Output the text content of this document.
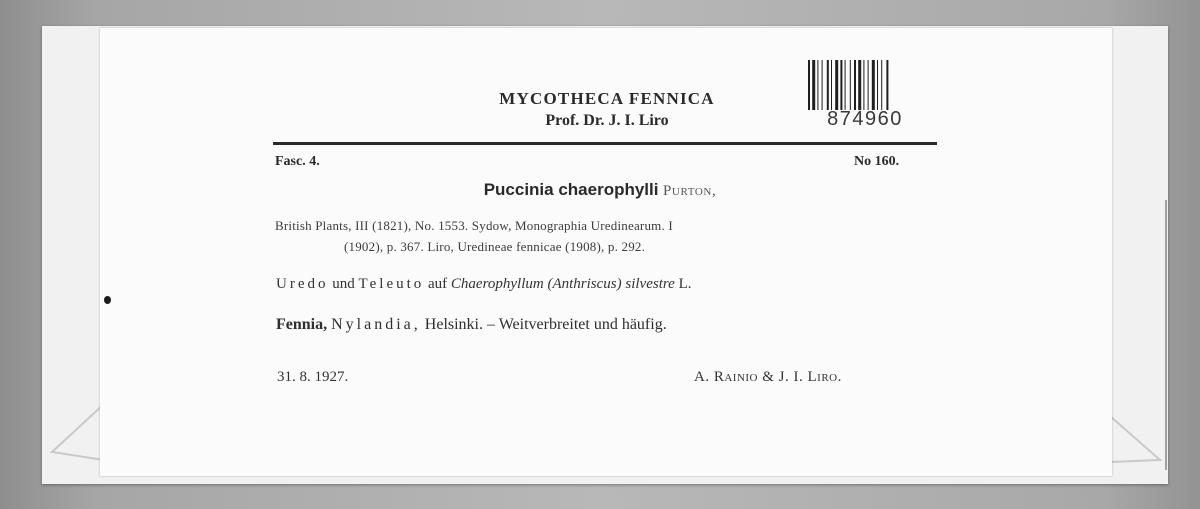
MYCOTHECA FENNICA
Prof. Dr. J. I. Liro	874960
Fasc. 4.	No 160.
Puccinia chaerophylli Purton,
British Plants, III (1821), No. 1553. Sydow, Monographia Uredinearum. I
(1902), p. 367. Liro, Uredineae fennicae (1908), p. 292.
Uredo und Teleuto auf Chaerophyllum (Anthriscus) silvestre L.
Fennia, Nylandia, Helsinki. – Weitverbreitet und häufig.
31. 8. 1927.	A. Rainio & J. I. Liro.
